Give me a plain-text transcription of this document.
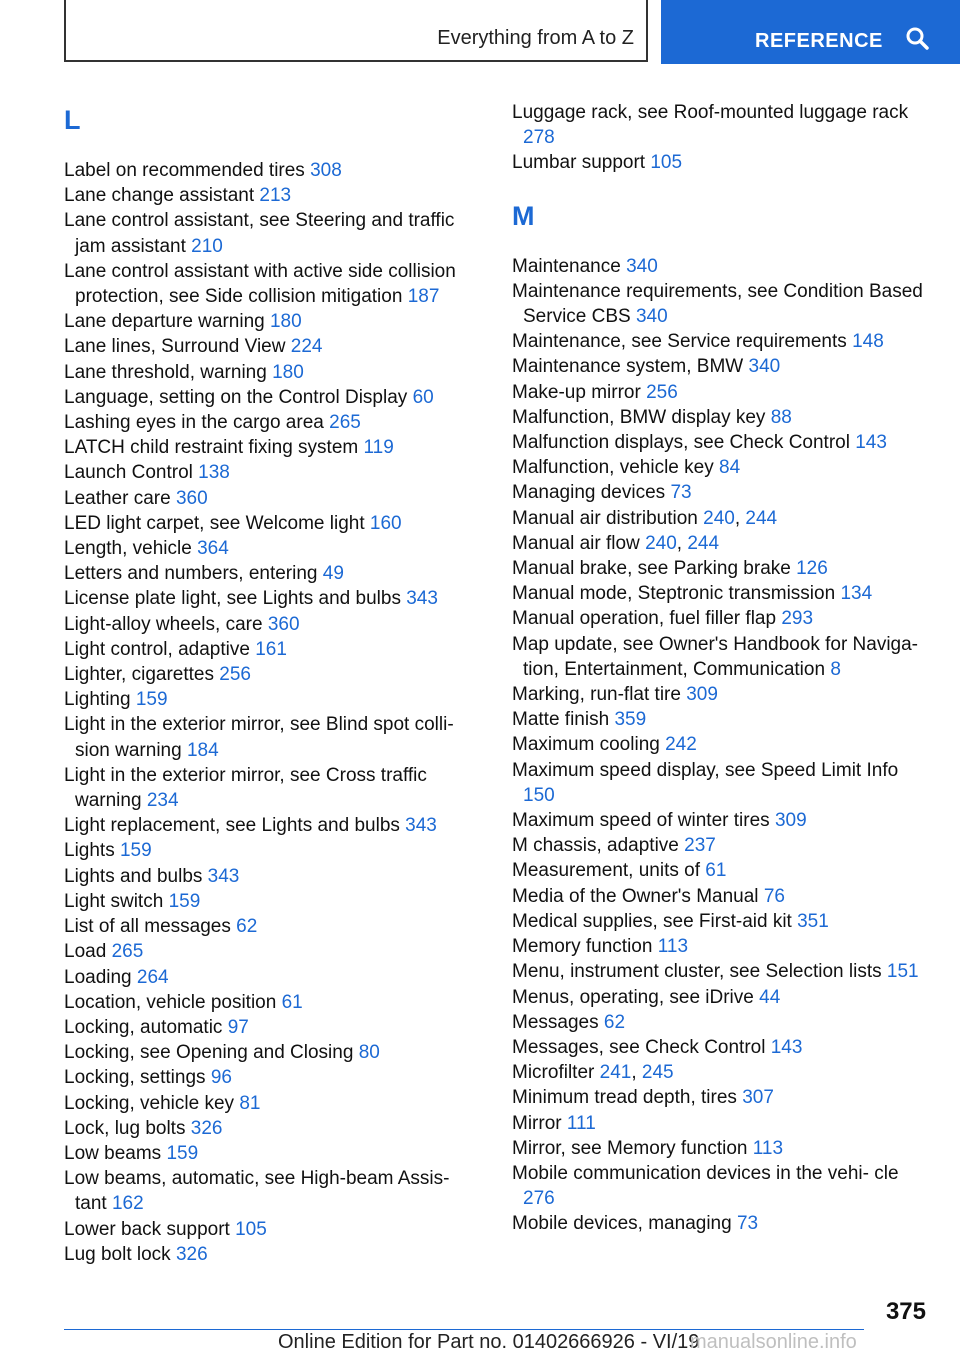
Everything from A to Z	REFERENCE
L
Label on recommended tires 308
Lane change assistant 213
Lane control assistant, see Steering and traffic jam assistant 210
Lane control assistant with active side collision protection, see Side collision mitigation 187
Lane departure warning 180
Lane lines, Surround View 224
Lane threshold, warning 180
Language, setting on the Control Display 60
Lashing eyes in the cargo area 265
LATCH child restraint fixing system 119
Launch Control 138
Leather care 360
LED light carpet, see Welcome light 160
Length, vehicle 364
Letters and numbers, entering 49
License plate light, see Lights and bulbs 343
Light-alloy wheels, care 360
Light control, adaptive 161
Lighter, cigarettes 256
Lighting 159
Light in the exterior mirror, see Blind spot colli‐ sion warning 184
Light in the exterior mirror, see Cross traffic warning 234
Light replacement, see Lights and bulbs 343
Lights 159
Lights and bulbs 343
Light switch 159
List of all messages 62
Load 265
Loading 264
Location, vehicle position 61
Locking, automatic 97
Locking, see Opening and Closing 80
Locking, settings 96
Locking, vehicle key 81
Lock, lug bolts 326
Low beams 159
Low beams, automatic, see High-beam Assis‐ tant 162
Lower back support 105
Lug bolt lock 326
Luggage rack, see Roof-mounted luggage rack 278
Lumbar support 105
M
Maintenance 340
Maintenance requirements, see Condition Based Service CBS 340
Maintenance, see Service requirements 148
Maintenance system, BMW 340
Make-up mirror 256
Malfunction, BMW display key 88
Malfunction displays, see Check Control 143
Malfunction, vehicle key 84
Managing devices 73
Manual air distribution 240, 244
Manual air flow 240, 244
Manual brake, see Parking brake 126
Manual mode, Steptronic transmission 134
Manual operation, fuel filler flap 293
Map update, see Owner's Handbook for Naviga‐ tion, Entertainment, Communication 8
Marking, run-flat tire 309
Matte finish 359
Maximum cooling 242
Maximum speed display, see Speed Limit Info 150
Maximum speed of winter tires 309
M chassis, adaptive 237
Measurement, units of 61
Media of the Owner's Manual 76
Medical supplies, see First-aid kit 351
Memory function 113
Menu, instrument cluster, see Selection lists 151
Menus, operating, see iDrive 44
Messages 62
Messages, see Check Control 143
Microfilter 241, 245
Minimum tread depth, tires 307
Mirror 111
Mirror, see Memory function 113
Mobile communication devices in the vehi‐ cle 276
Mobile devices, managing 73
375
Online Edition for Part no. 01402666926 - VI/19
manualsonline.info
